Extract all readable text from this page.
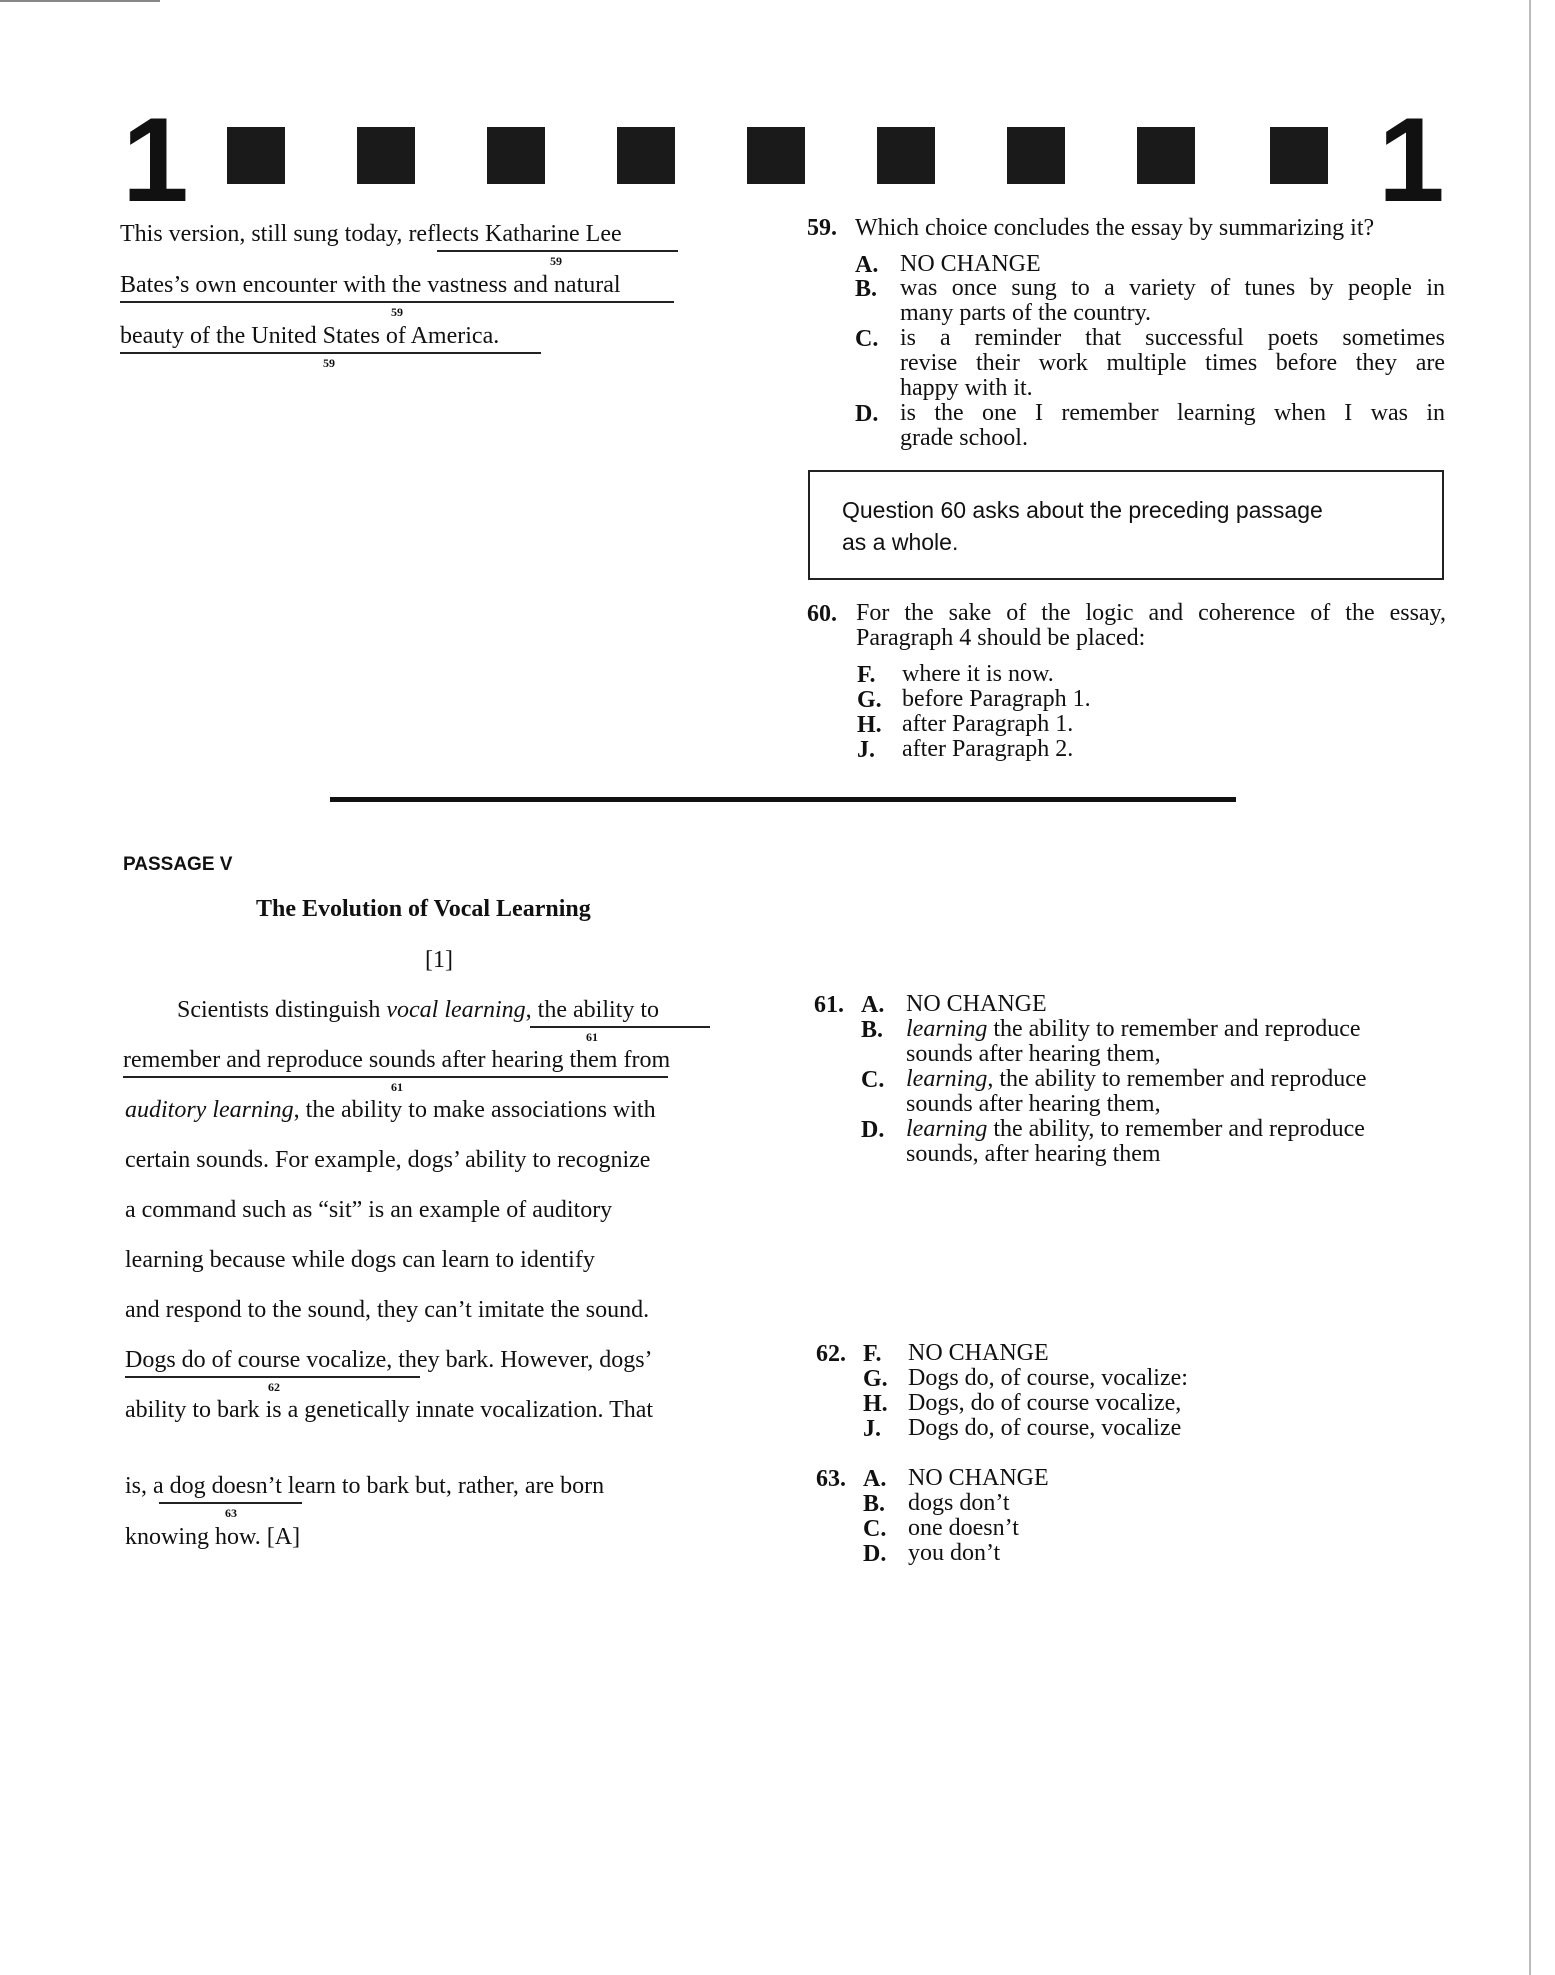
1	1
This version, still sung today, reflects Katharine Lee
59
Bates’s own encounter with the vastness and natural
59
beauty of the United States of America.
59
59. Which choice concludes the essay by summarizing it?
A. NO CHANGE
B. was once sung to a variety of tunes by people in
many parts of the country.
C. is a reminder that successful poets sometimes
revise their work multiple times before they are
happy with it.
D. is the one I remember learning when I was in
grade school.
Question 60 asks about the preceding passage
as a whole.
60. For the sake of the logic and coherence of the essay,
Paragraph 4 should be placed:
F. where it is now.
G. before Paragraph 1.
H. after Paragraph 1.
J. after Paragraph 2.
PASSAGE V
The Evolution of Vocal Learning
[1]
Scientists distinguish vocal learning, the ability to
61
remember and reproduce sounds after hearing them from
61
auditory learning, the ability to make associations with
certain sounds. For example, dogs’ ability to recognize
a command such as “sit” is an example of auditory
learning because while dogs can learn to identify
and respond to the sound, they can’t imitate the sound.
Dogs do of course vocalize, they bark. However, dogs’
62
ability to bark is a genetically innate vocalization. That
is, a dog doesn’t learn to bark but, rather, are born
63
knowing how. [A]
61. A. NO CHANGE
B. learning the ability to remember and reproduce
sounds after hearing them,
C. learning, the ability to remember and reproduce
sounds after hearing them,
D. learning the ability, to remember and reproduce
sounds, after hearing them
62. F. NO CHANGE
G. Dogs do, of course, vocalize:
H. Dogs, do of course vocalize,
J. Dogs do, of course, vocalize
63. A. NO CHANGE
B. dogs don’t
C. one doesn’t
D. you don’t
